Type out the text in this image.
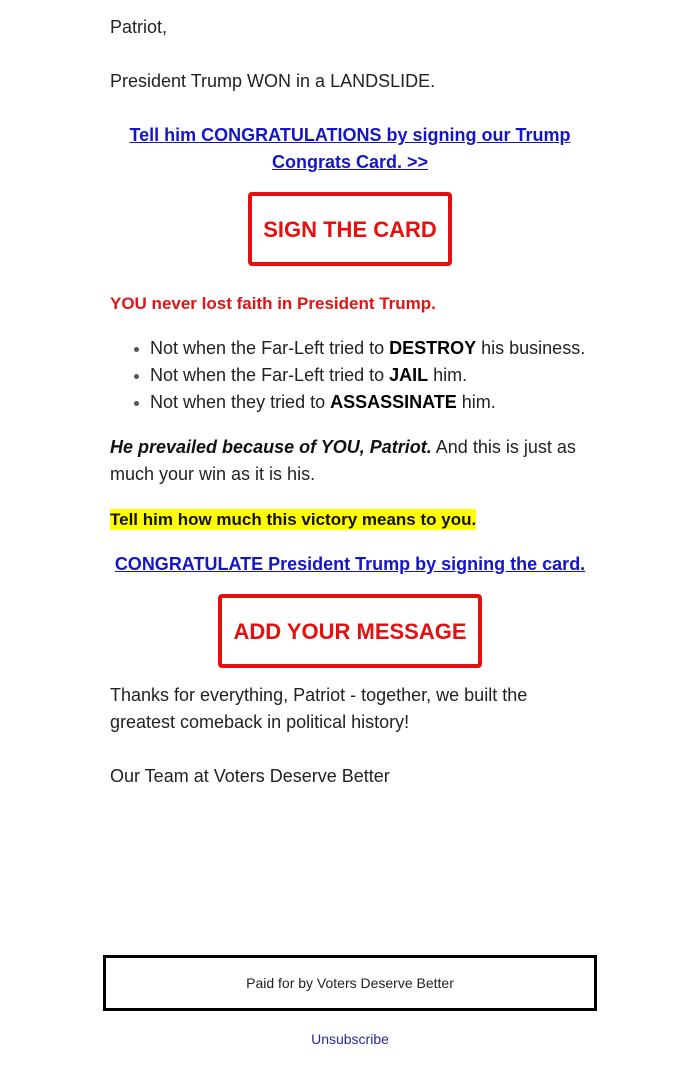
Patriot,
President Trump WON in a LANDSLIDE.
Tell him CONGRATULATIONS by signing our Trump Congrats Card. >>
SIGN THE CARD
YOU never lost faith in President Trump.
Not when the Far-Left tried to DESTROY his business.
Not when the Far-Left tried to JAIL him.
Not when they tried to ASSASSINATE him.
He prevailed because of YOU, Patriot. And this is just as much your win as it is his.
Tell him how much this victory means to you.
CONGRATULATE President Trump by signing the card.
ADD YOUR MESSAGE
Thanks for everything, Patriot - together, we built the greatest comeback in political history!
Our Team at Voters Deserve Better
Paid for by Voters Deserve Better
Unsubscribe
